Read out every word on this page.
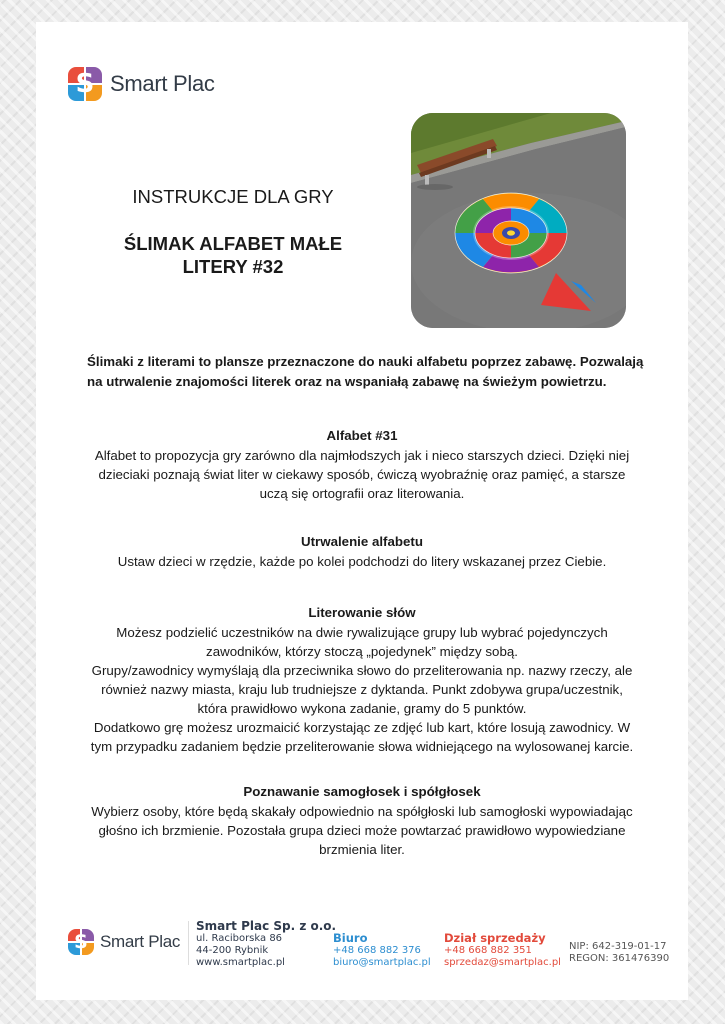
S Smart Plac
INSTRUKCJE DLA GRY
ŚLIMAK ALFABET MAŁE
LITERY #32
Ślimaki z literami to plansze przeznaczone do nauki alfabetu poprzez zabawę. Pozwalają
na utrwalenie znajomości literek oraz na wspaniałą zabawę na świeżym powietrzu.
Alfabet #31

Alfabet to propozycja gry zarówno dla najmłodszych jak i nieco starszych dzieci. Dzięki niej

dzieciaki poznają świat liter w ciekawy sposób, ćwiczą wyobraźnię oraz pamięć, a starsze

uczą się ortografii oraz literowania.

Utrwalenie alfabetu

Ustaw dzieci w rzędzie, każde po kolei podchodzi do litery wskazanej przez Ciebie.

Literowanie słów

Możesz podzielić uczestników na dwie rywalizujące grupy lub wybrać pojedynczych

zawodników, którzy stoczą „pojedynek” między sobą.

Grupy/zawodnicy wymyślają dla przeciwnika słowo do przeliterowania np. nazwy rzeczy, ale

również nazwy miasta, kraju lub trudniejsze z dyktanda. Punkt zdobywa grupa/uczestnik,

która prawidłowo wykona zadanie, gramy do 5 punktów.

Dodatkowo grę możesz urozmaicić korzystając ze zdjęć lub kart, które losują zawodnicy. W

tym przypadku zadaniem będzie przeliterowanie słowa widniejącego na wylosowanej karcie.

Poznawanie samogłosek i spółgłosek

Wybierz osoby, które będą skakały odpowiednio na spółgłoski lub samogłoski wypowiadając

głośno ich brzmienie. Pozostała grupa dzieci może powtarzać prawidłowo wypowiedziane

brzmienia liter.

S Smart Plac
Smart Plac Sp. z o.o.
ul. Raciborska 86
44-200 Rybnik
www.smartplac.pl
Biuro
+48 668 882 376
biuro@smartplac.pl
Dział sprzedaży
+48 668 882 351
sprzedaz@smartplac.pl
NIP: 642-319-01-17
REGON: 361476390
